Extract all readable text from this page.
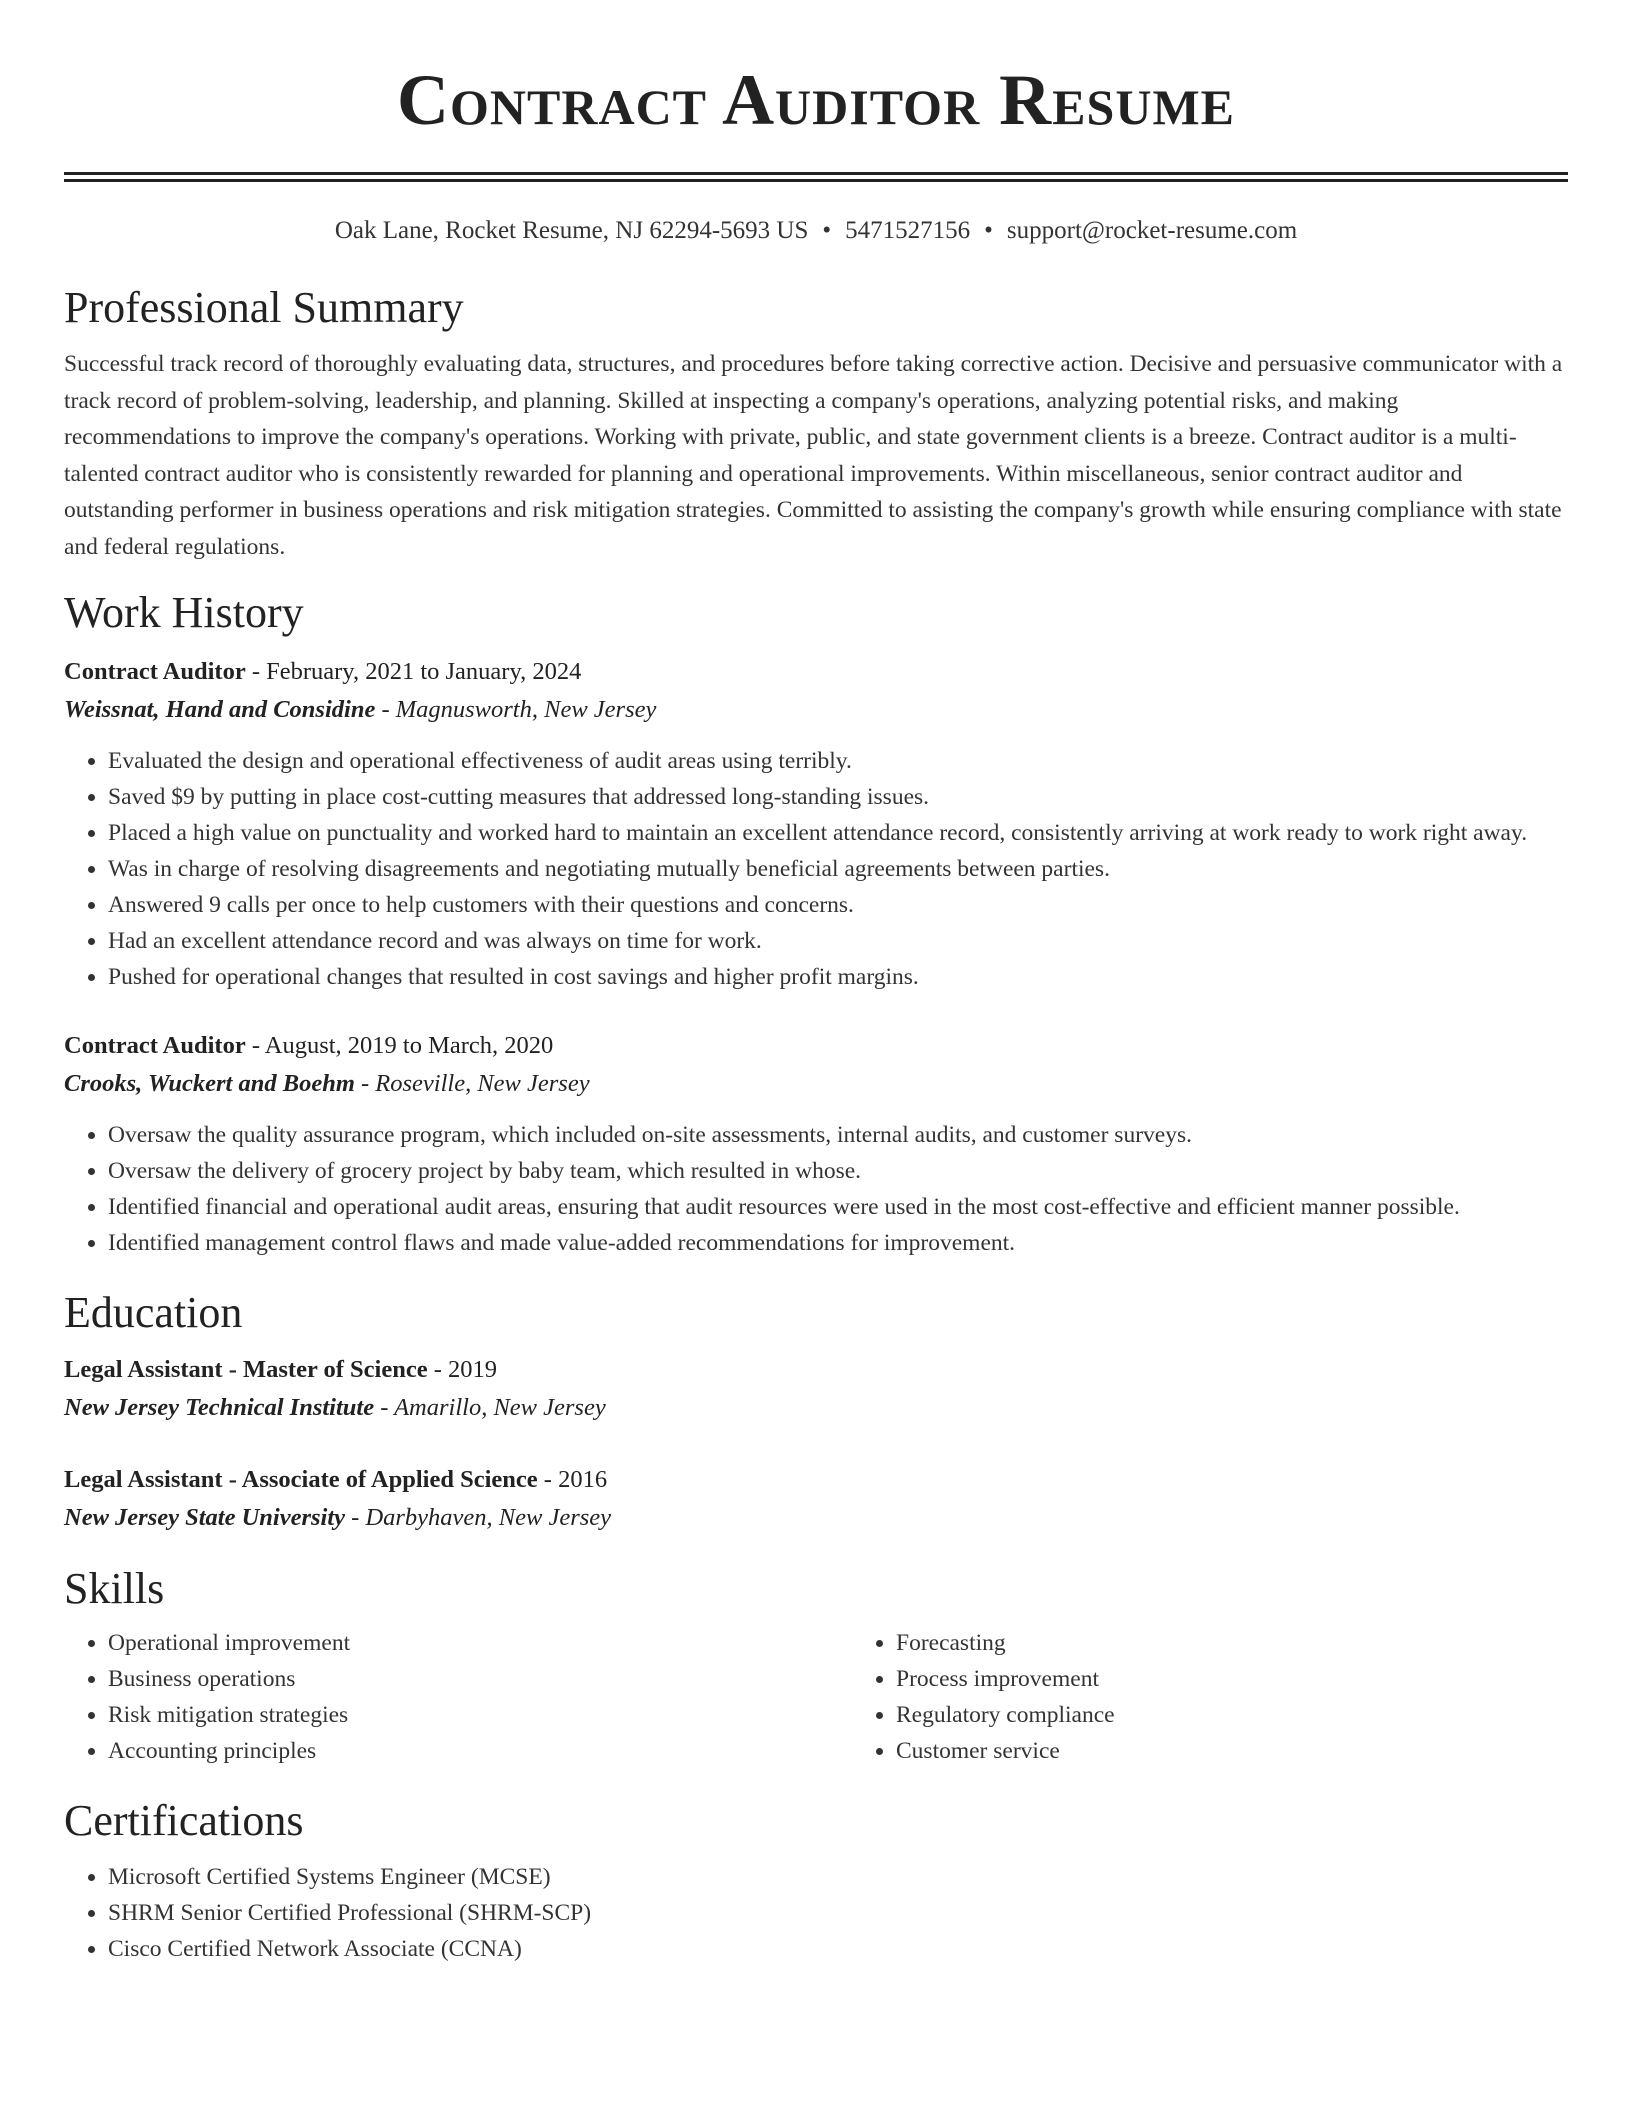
Contract Auditor Resume
Oak Lane, Rocket Resume, NJ 62294-5693 US • 5471527156 • support@rocket-resume.com
Professional Summary

Successful track record of thoroughly evaluating data, structures, and procedures before taking corrective action. Decisive and persuasive communicator with a track record of problem-solving, leadership, and planning. Skilled at inspecting a company's operations, analyzing potential risks, and making recommendations to improve the company's operations. Working with private, public, and state government clients is a breeze. Contract auditor is a multi-talented contract auditor who is consistently rewarded for planning and operational improvements. Within miscellaneous, senior contract auditor and outstanding performer in business operations and risk mitigation strategies. Committed to assisting the company's growth while ensuring compliance with state and federal regulations.

Work History
Contract Auditor - February, 2021 to January, 2024
Weissnat, Hand and Considine - Magnusworth, New Jersey
• Evaluated the design and operational effectiveness of audit areas using terribly.
• Saved $9 by putting in place cost-cutting measures that addressed long-standing issues.
• Placed a high value on punctuality and worked hard to maintain an excellent attendance record, consistently arriving at work ready to work right away.
• Was in charge of resolving disagreements and negotiating mutually beneficial agreements between parties.
• Answered 9 calls per once to help customers with their questions and concerns.
• Had an excellent attendance record and was always on time for work.
• Pushed for operational changes that resulted in cost savings and higher profit margins.
Contract Auditor - August, 2019 to March, 2020
Crooks, Wuckert and Boehm - Roseville, New Jersey
• Oversaw the quality assurance program, which included on-site assessments, internal audits, and customer surveys.
• Oversaw the delivery of grocery project by baby team, which resulted in whose.
• Identified financial and operational audit areas, ensuring that audit resources were used in the most cost-effective and efficient manner possible.
• Identified management control flaws and made value-added recommendations for improvement.
Education
Legal Assistant - Master of Science - 2019
New Jersey Technical Institute - Amarillo, New Jersey
Legal Assistant - Associate of Applied Science - 2016
New Jersey State University - Darbyhaven, New Jersey
Skills
• Operational improvement
• Business operations
• Risk mitigation strategies
• Accounting principles
• Forecasting
• Process improvement
• Regulatory compliance
• Customer service
Certifications
• Microsoft Certified Systems Engineer (MCSE)
• SHRM Senior Certified Professional (SHRM-SCP)
• Cisco Certified Network Associate (CCNA)
